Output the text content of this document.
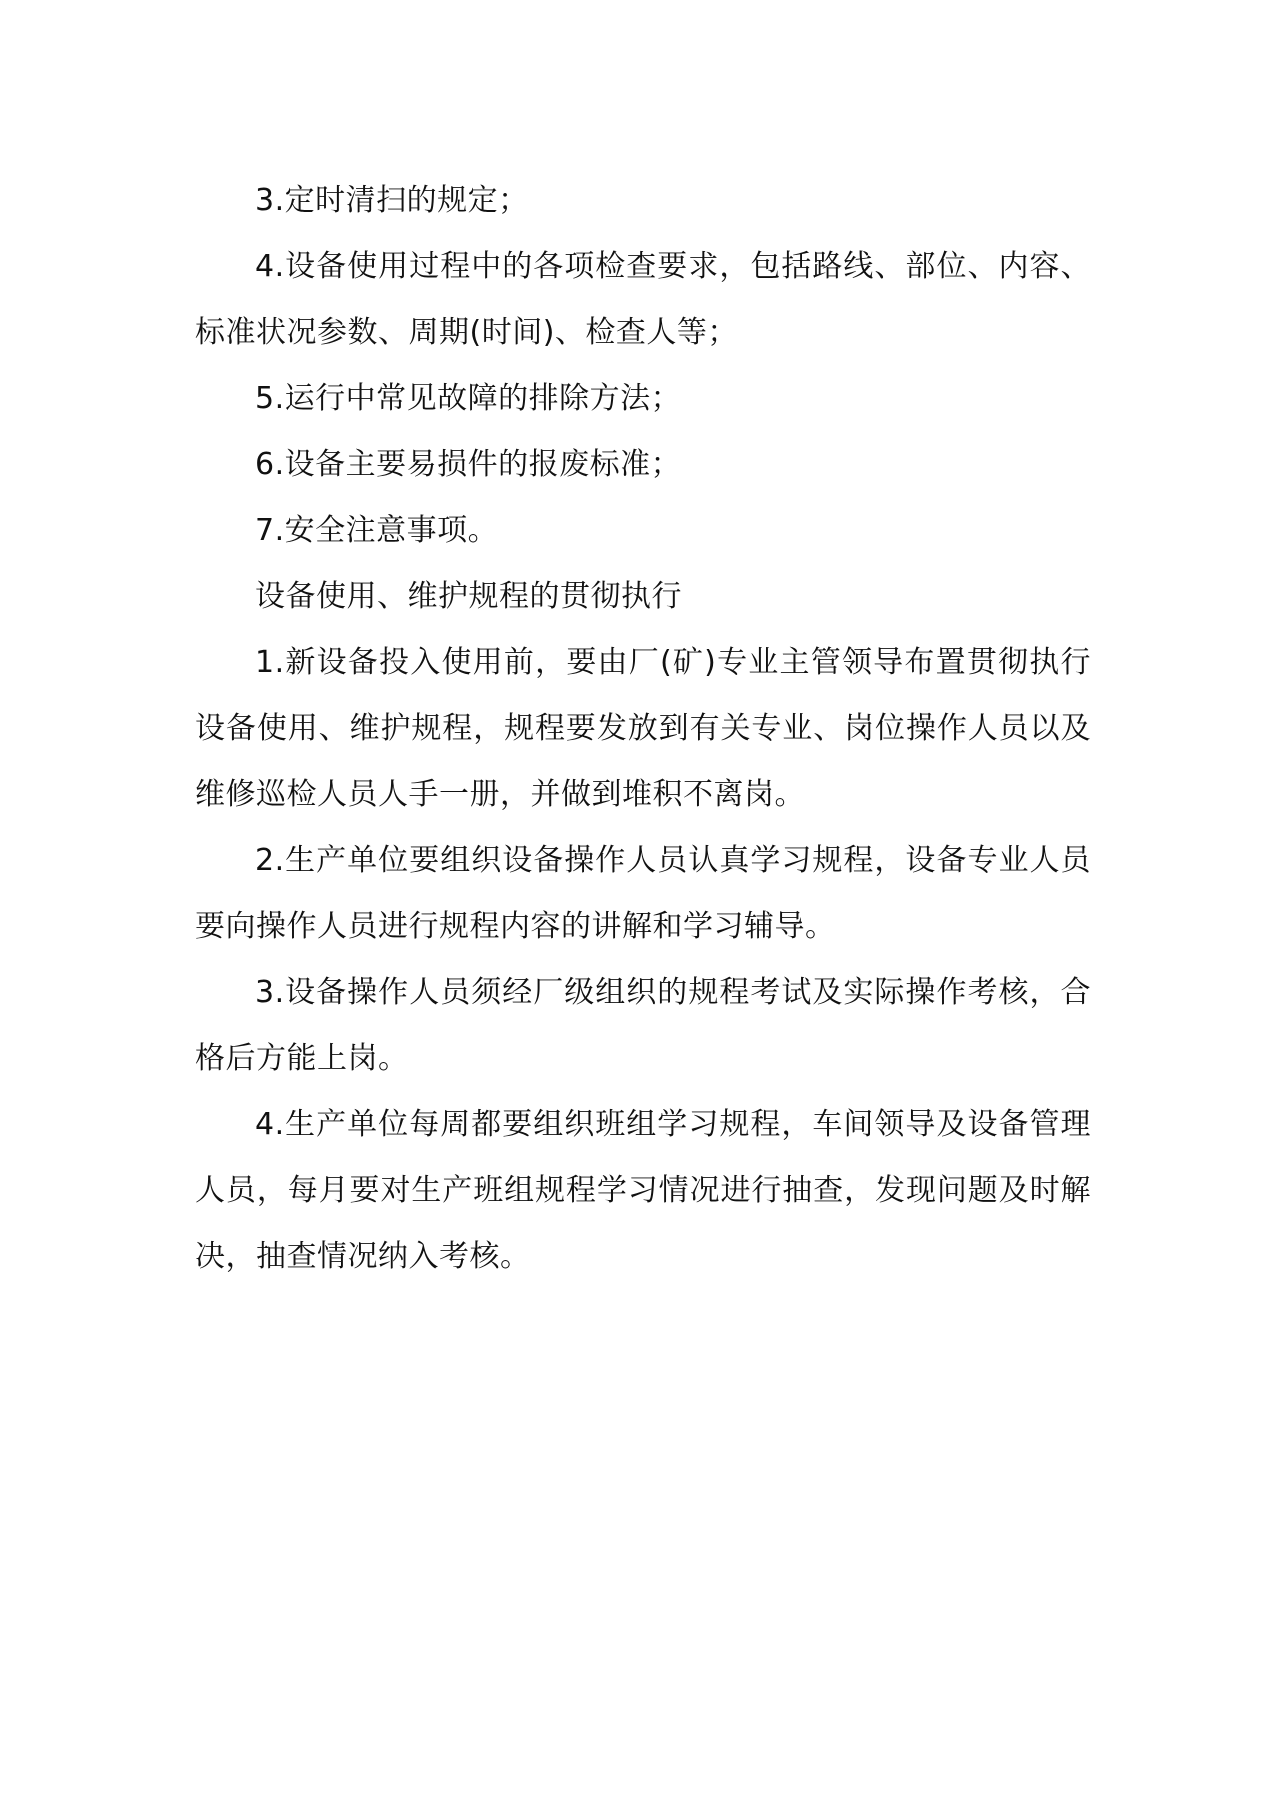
3.定时清扫的规定；

4.设备使用过程中的各项检查要求，包括路线、部位、内容、标准状况参数、周期(时间)、检查人等；

5.运行中常见故障的排除方法；

6.设备主要易损件的报废标准；

7.安全注意事项。

设备使用、维护规程的贯彻执行

1.新设备投入使用前，要由厂(矿)专业主管领导布置贯彻执行设备使用、维护规程，规程要发放到有关专业、岗位操作人员以及维修巡检人员人手一册，并做到堆积不离岗。

2.生产单位要组织设备操作人员认真学习规程，设备专业人员要向操作人员进行规程内容的讲解和学习辅导。

3.设备操作人员须经厂级组织的规程考试及实际操作考核，合格后方能上岗。

4.生产单位每周都要组织班组学习规程，车间领导及设备管理人员，每月要对生产班组规程学习情况进行抽查，发现问题及时解决，抽查情况纳入考核。
